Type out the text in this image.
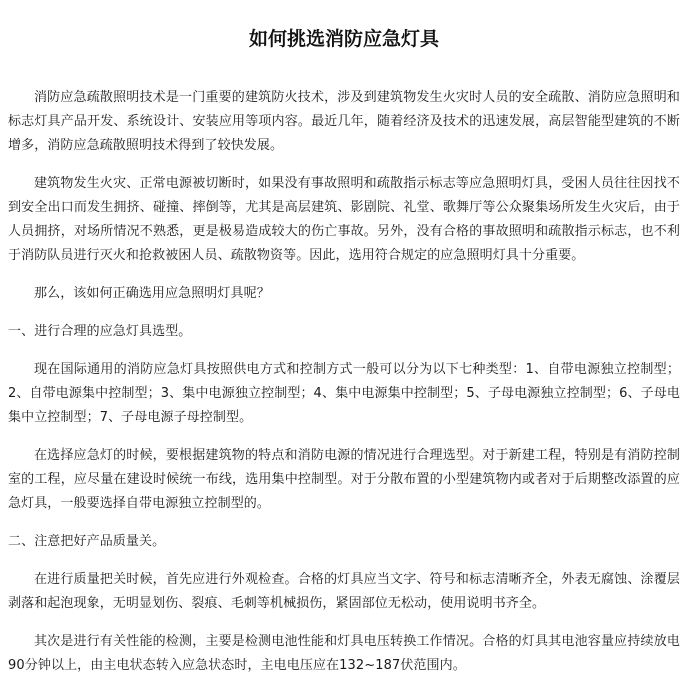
如何挑选消防应急灯具

消防应急疏散照明技术是一门重要的建筑防火技术，涉及到建筑物发生火灾时人员的安全疏散、消防应急照明和标志灯具产品开发、系统设计、安装应用等项内容。最近几年，随着经济及技术的迅速发展，高层智能型建筑的不断增多，消防应急疏散照明技术得到了较快发展。

建筑物发生火灾、正常电源被切断时，如果没有事故照明和疏散指示标志等应急照明灯具，受困人员往往因找不到安全出口而发生拥挤、碰撞、摔倒等，尤其是高层建筑、影剧院、礼堂、歌舞厅等公众聚集场所发生火灾后，由于人员拥挤，对场所情况不熟悉，更是极易造成较大的伤亡事故。另外，没有合格的事故照明和疏散指示标志，也不利于消防队员进行灭火和抢救被困人员、疏散物资等。因此，选用符合规定的应急照明灯具十分重要。

那么，该如何正确选用应急照明灯具呢？

一、进行合理的应急灯具选型。

现在国际通用的消防应急灯具按照供电方式和控制方式一般可以分为以下七种类型：1、自带电源独立控制型；2、自带电源集中控制型；3、集中电源独立控制型；4、集中电源集中控制型；5、子母电源独立控制型；6、子母电集中立控制型；7、子母电源子母控制型。

在选择应急灯的时候，要根据建筑物的特点和消防电源的情况进行合理选型。对于新建工程，特别是有消防控制室的工程，应尽量在建设时候统一布线，选用集中控制型。对于分散布置的小型建筑物内或者对于后期整改添置的应急灯具，一般要选择自带电源独立控制型的。

二、注意把好产品质量关。

在进行质量把关时候，首先应进行外观检查。合格的灯具应当文字、符号和标志清晰齐全，外表无腐蚀、涂覆层剥落和起泡现象，无明显划伤、裂痕、毛刺等机械损伤，紧固部位无松动，使用说明书齐全。

其次是进行有关性能的检测，主要是检测电池性能和灯具电压转换工作情况。合格的灯具其电池容量应持续放电90分钟以上，由主电状态转入应急状态时，主电电压应在132~187伏范围内。
